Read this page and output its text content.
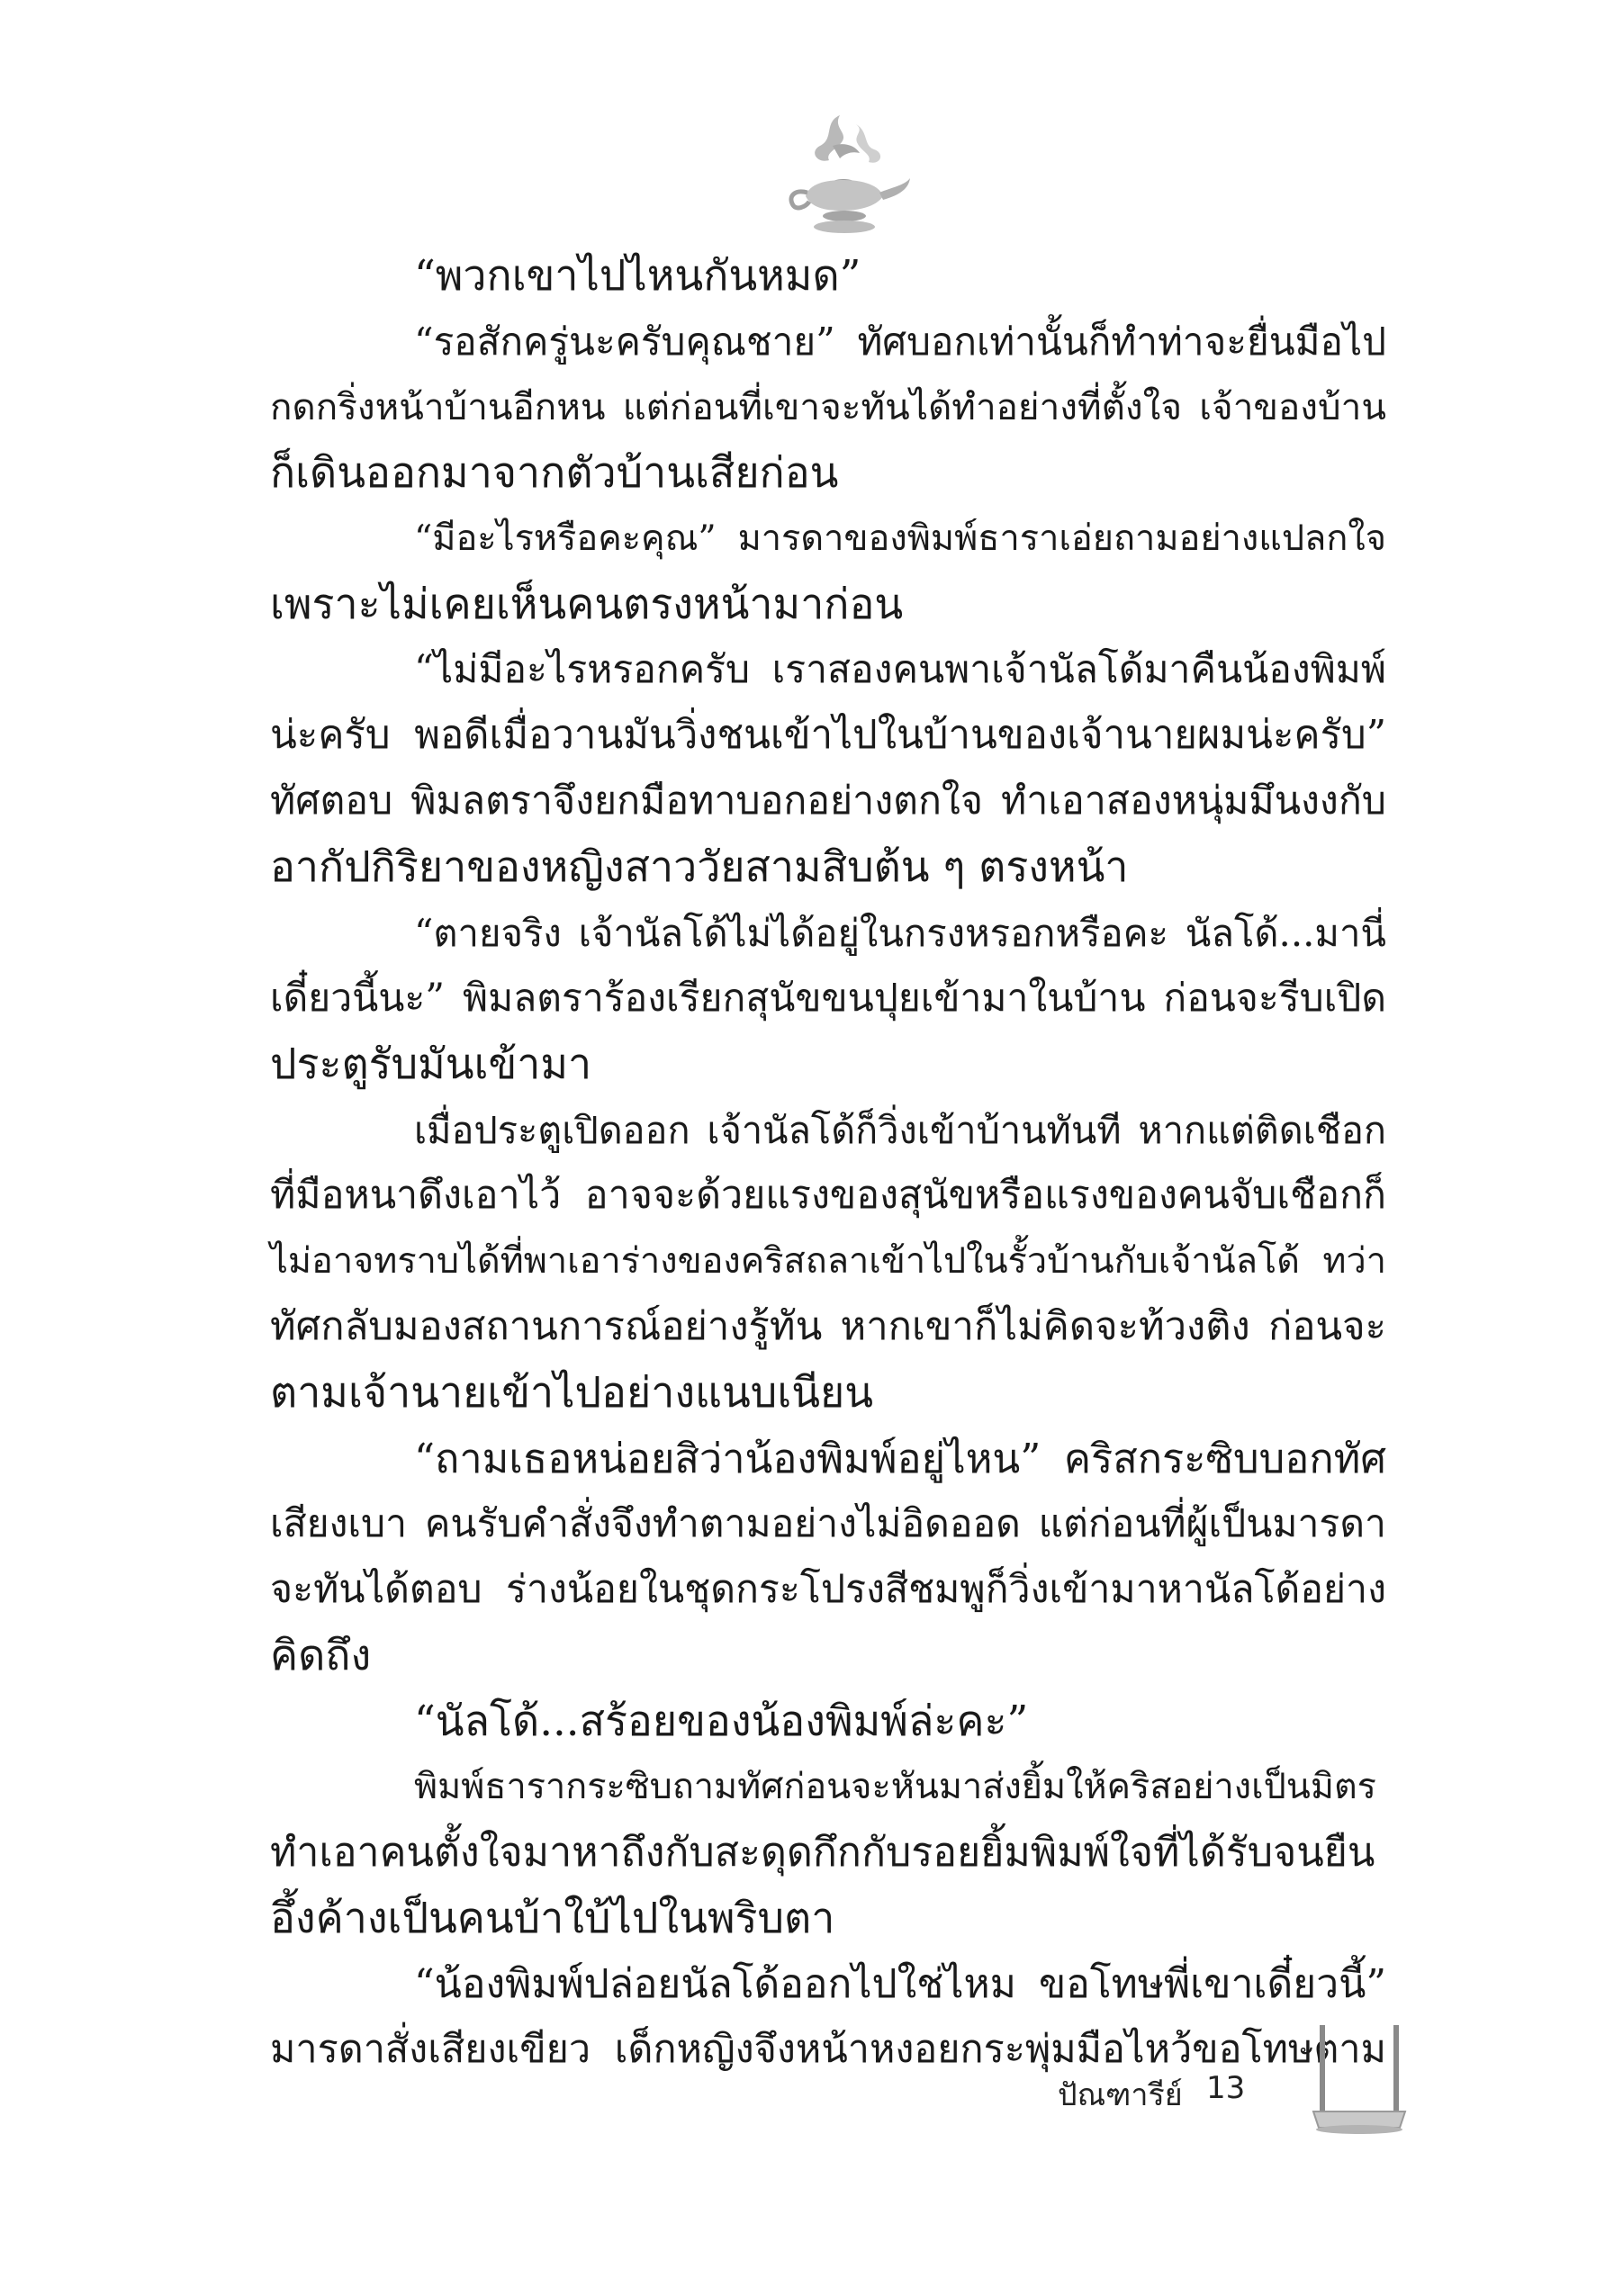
“พวกเขาไปไหนกันหมด”
“รอสักครู่นะครับคุณชาย” ทัศบอกเท่านั้นก็ทำท่าจะยื่นมือไป
กดกริ่งหน้าบ้านอีกหน แต่ก่อนที่เขาจะทันได้ทำอย่างที่ตั้งใจ เจ้าของบ้าน
ก็เดินออกมาจากตัวบ้านเสียก่อน
“มีอะไรหรือคะคุณ” มารดาของพิมพ์ธาราเอ่ยถามอย่างแปลกใจ
เพราะไม่เคยเห็นคนตรงหน้ามาก่อน
“ไม่มีอะไรหรอกครับ เราสองคนพาเจ้านัลโด้มาคืนน้องพิมพ์
น่ะครับ พอดีเมื่อวานมันวิ่งชนเข้าไปในบ้านของเจ้านายผมน่ะครับ”
ทัศตอบ พิมลตราจึงยกมือทาบอกอย่างตกใจ ทำเอาสองหนุ่มมึนงงกับ
อากัปกิริยาของหญิงสาววัยสามสิบต้น ๆ ตรงหน้า
“ตายจริง เจ้านัลโด้ไม่ได้อยู่ในกรงหรอกหรือคะ นัลโด้...มานี่
เดี๋ยวนี้นะ” พิมลตราร้องเรียกสุนัขขนปุยเข้ามาในบ้าน ก่อนจะรีบเปิด
ประตูรับมันเข้ามา
เมื่อประตูเปิดออก เจ้านัลโด้ก็วิ่งเข้าบ้านทันที หากแต่ติดเชือก
ที่มือหนาดึงเอาไว้ อาจจะด้วยแรงของสุนัขหรือแรงของคนจับเชือกก็
ไม่อาจทราบได้ที่พาเอาร่างของคริสถลาเข้าไปในรั้วบ้านกับเจ้านัลโด้ ทว่า
ทัศกลับมองสถานการณ์อย่างรู้ทัน หากเขาก็ไม่คิดจะท้วงติง ก่อนจะ
ตามเจ้านายเข้าไปอย่างแนบเนียน
“ถามเธอหน่อยสิว่าน้องพิมพ์อยู่ไหน” คริสกระซิบบอกทัศ
เสียงเบา คนรับคำสั่งจึงทำตามอย่างไม่อิดออด แต่ก่อนที่ผู้เป็นมารดา
จะทันได้ตอบ ร่างน้อยในชุดกระโปรงสีชมพูก็วิ่งเข้ามาหานัลโด้อย่าง
คิดถึง
“นัลโด้...สร้อยของน้องพิมพ์ล่ะคะ”
พิมพ์ธารากระซิบถามทัศก่อนจะหันมาส่งยิ้มให้คริสอย่างเป็นมิตร
ทำเอาคนตั้งใจมาหาถึงกับสะดุดกึกกับรอยยิ้มพิมพ์ใจที่ได้รับจนยืน
อึ้งค้างเป็นคนบ้าใบ้ไปในพริบตา
“น้องพิมพ์ปล่อยนัลโด้ออกไปใช่ไหม ขอโทษพี่เขาเดี๋ยวนี้”
มารดาสั่งเสียงเขียว เด็กหญิงจึงหน้าหงอยกระพุ่มมือไหว้ขอโทษตาม
ปัณฑารีย์ 13
